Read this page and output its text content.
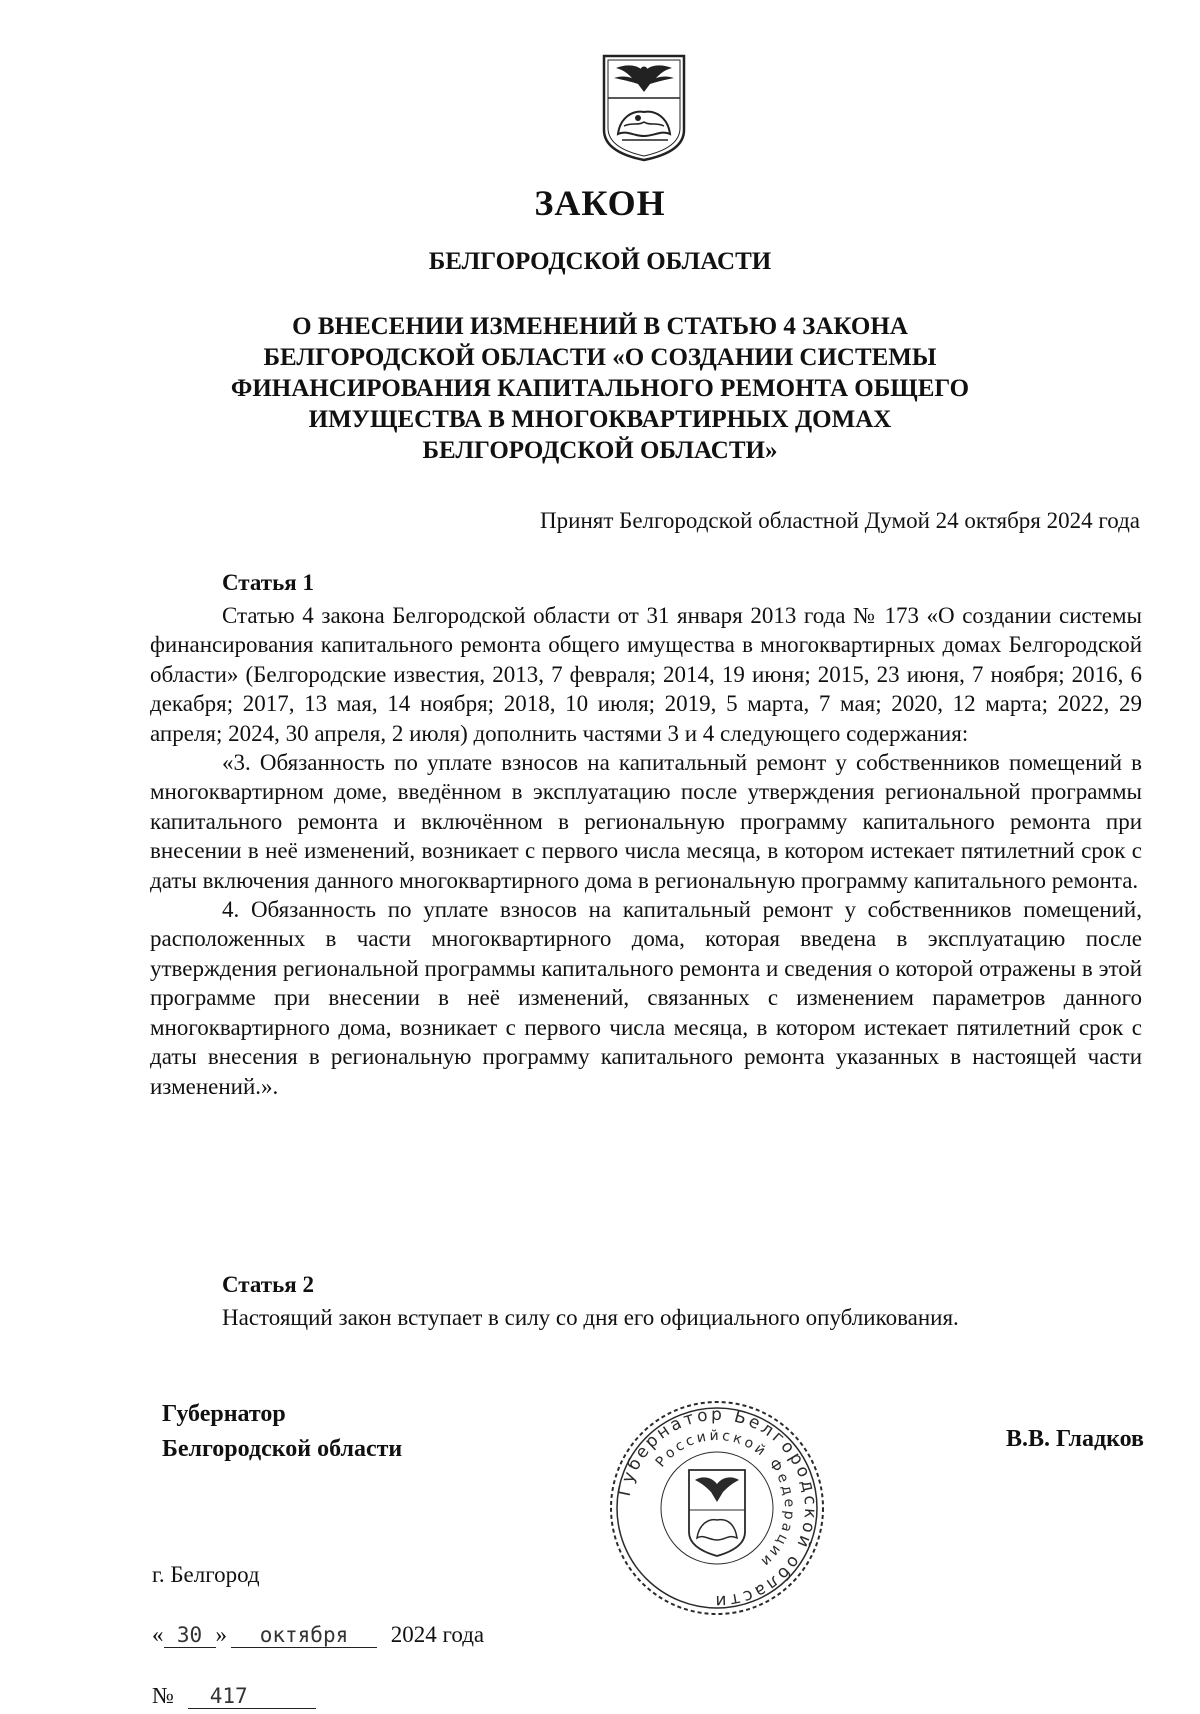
ЗАКОН
БЕЛГОРОДСКОЙ ОБЛАСТИ
О ВНЕСЕНИИ ИЗМЕНЕНИЙ В СТАТЬЮ 4 ЗАКОНА
БЕЛГОРОДСКОЙ ОБЛАСТИ «О СОЗДАНИИ СИСТЕМЫ
ФИНАНСИРОВАНИЯ КАПИТАЛЬНОГО РЕМОНТА ОБЩЕГО
ИМУЩЕСТВА В МНОГОКВАРТИРНЫХ ДОМАХ
БЕЛГОРОДСКОЙ ОБЛАСТИ»
Принят Белгородской областной Думой 24 октября 2024 года
Статья 1

Статью 4 закона Белгородской области от 31 января 2013 года № 173 «О создании системы финансирования капитального ремонта общего имущества в многоквартирных домах Белгородской области» (Белгородские известия, 2013, 7 февраля; 2014, 19 июня; 2015, 23 июня, 7 ноября; 2016, 6 декабря; 2017, 13 мая, 14 ноября; 2018, 10 июля; 2019, 5 марта, 7 мая; 2020, 12 марта; 2022, 29 апреля; 2024, 30 апреля, 2 июля) дополнить частями 3 и 4 следующего содержания:

«3. Обязанность по уплате взносов на капитальный ремонт у собственников помещений в многоквартирном доме, введённом в эксплуатацию после утверждения региональной программы капитального ремонта и включённом в региональную программу капитального ремонта при внесении в неё изменений, возникает с первого числа месяца, в котором истекает пятилетний срок с даты включения данного многоквартирного дома в региональную программу капитального ремонта.

4. Обязанность по уплате взносов на капитальный ремонт у собственников помещений, расположенных в части многоквартирного дома, которая введена в эксплуатацию после утверждения региональной программы капитального ремонта и сведения о которой отражены в этой программе при внесении в неё изменений, связанных с изменением параметров данного многоквартирного дома, возникает с первого числа месяца, в котором истекает пятилетний срок с даты внесения в региональную программу капитального ремонта указанных в настоящей части изменений.».

Статья 2

Настоящий закон вступает в силу со дня его официального опубликования.

Губернатор
Белгородской области	В.В. Гладков
Губернатор Белгородской области
Российской Федерации
г. Белгород
« 30 » октября 2024 года
№ 417
